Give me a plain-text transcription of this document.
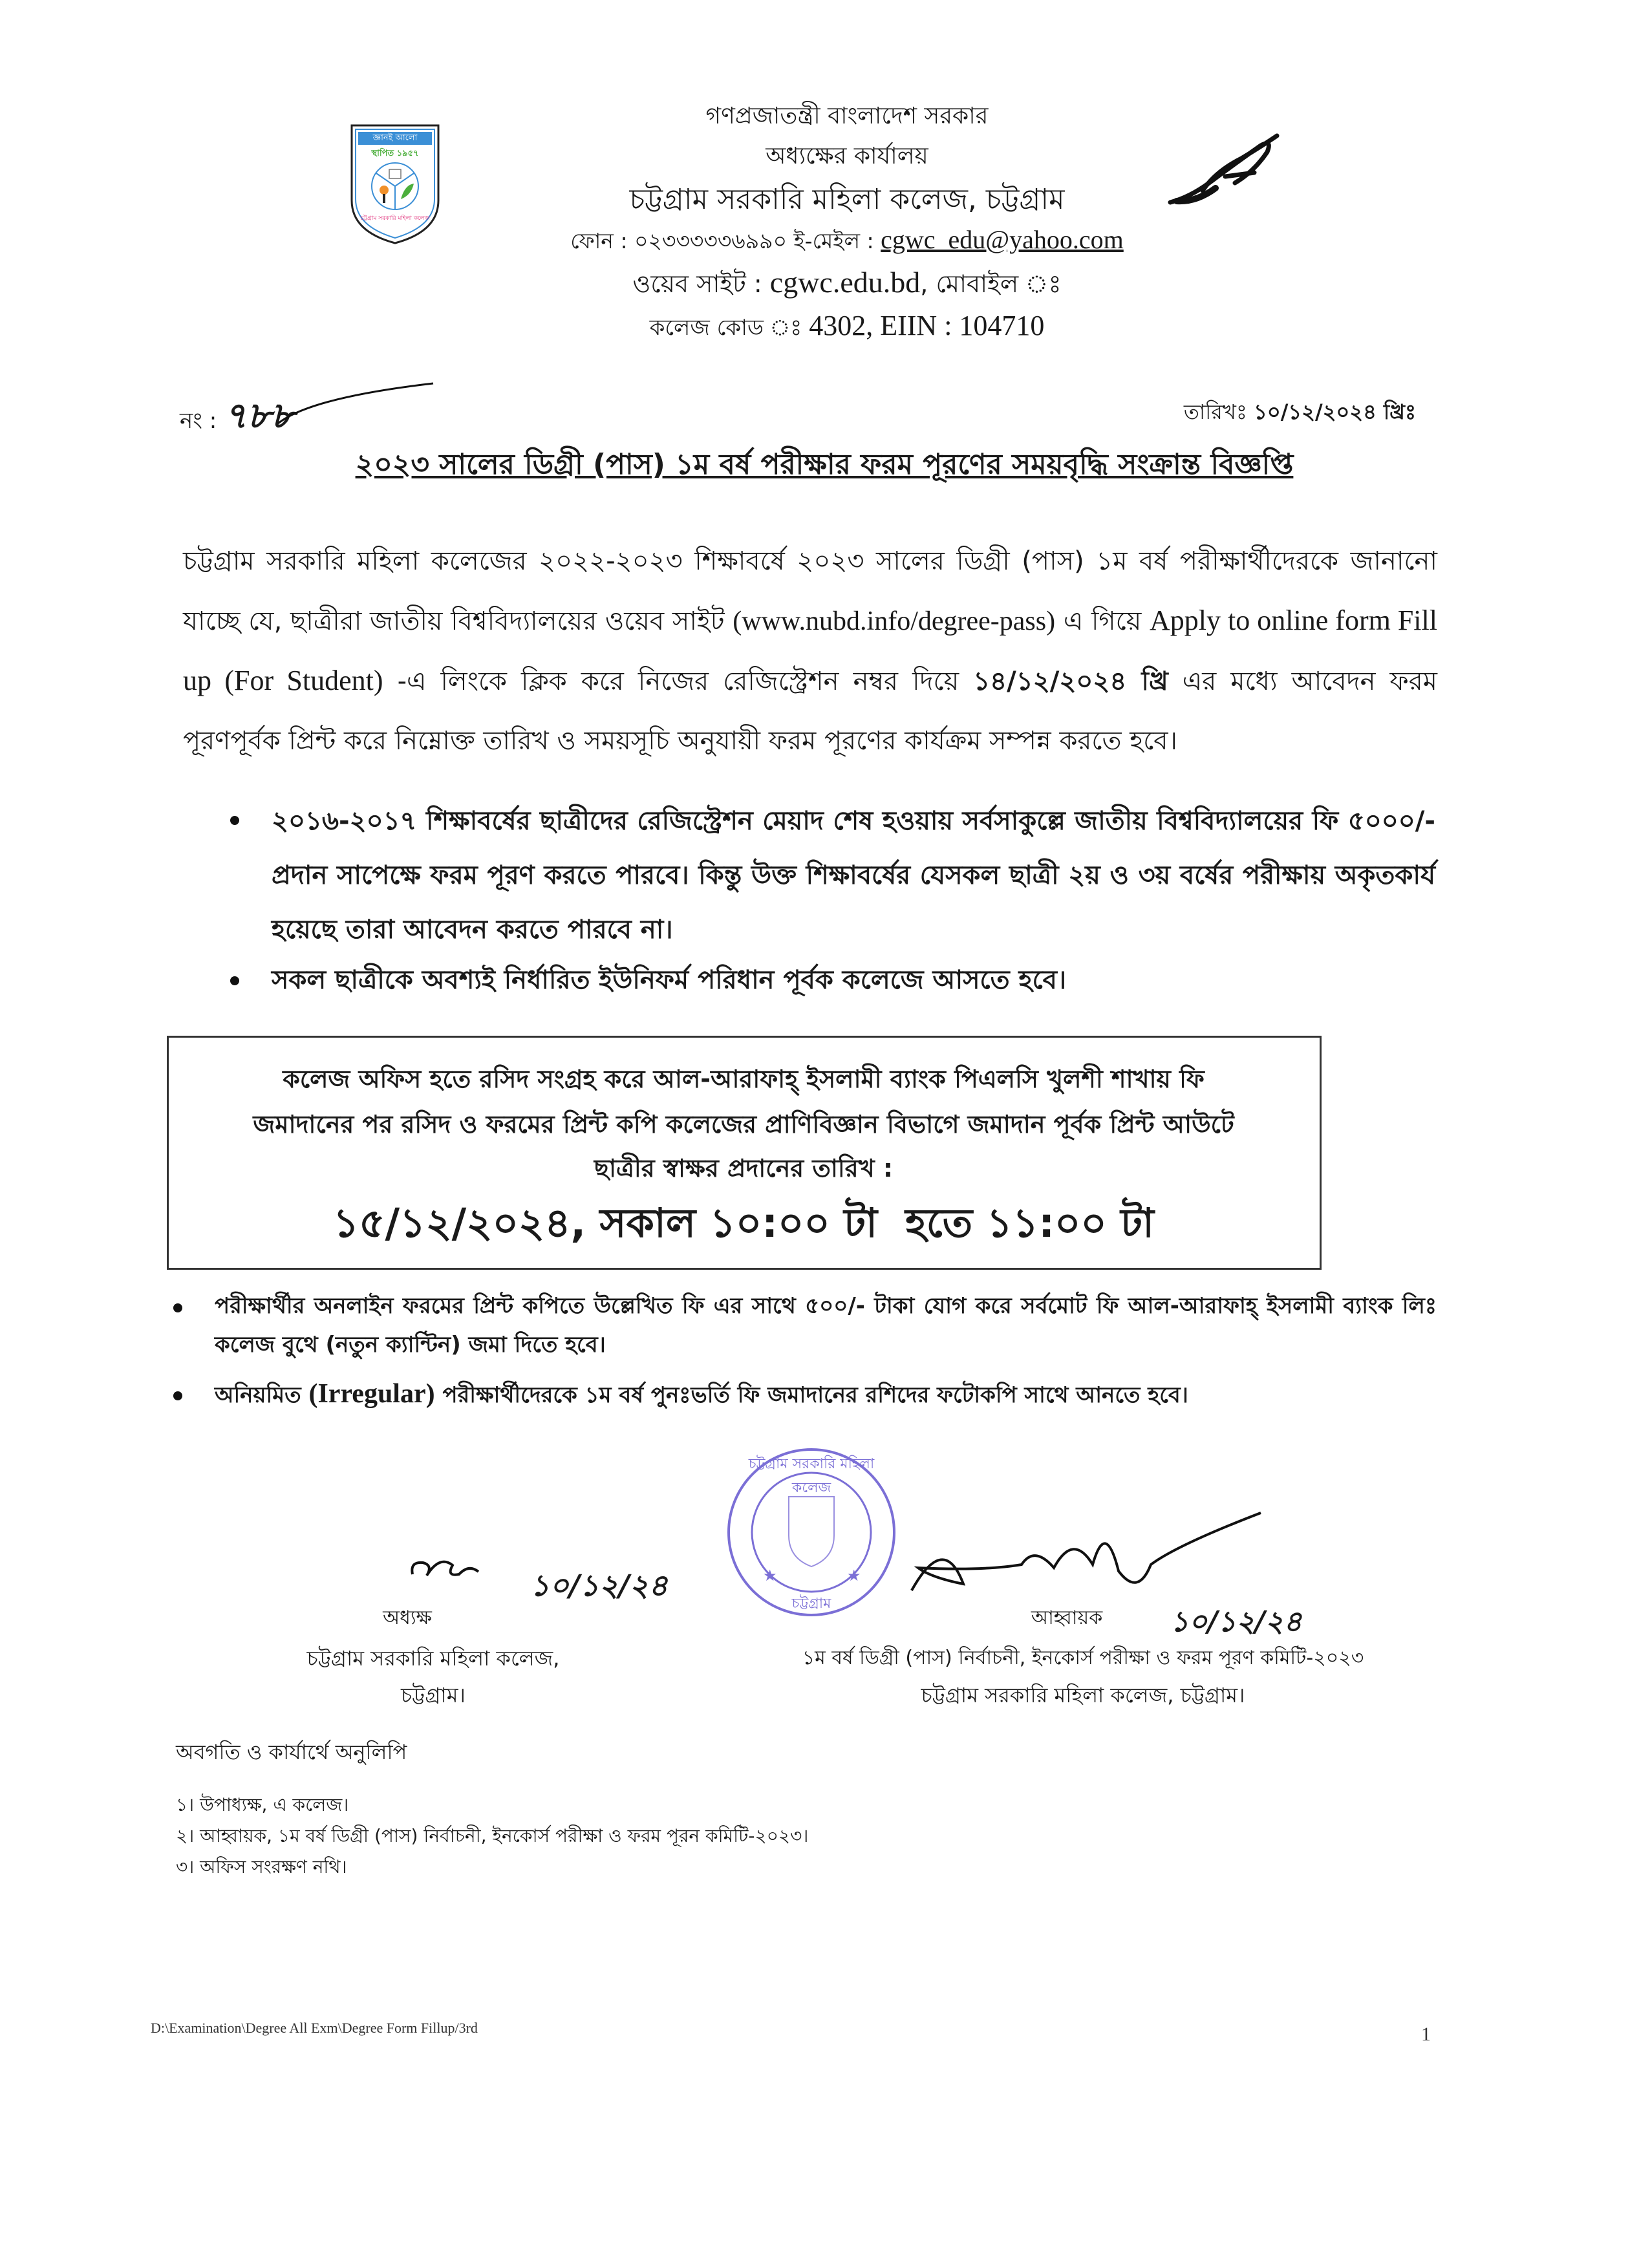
জ্ঞানই আলো
স্থাপিত ১৯৫৭
চট্টগ্রাম সরকারি মহিলা কলেজ
গণপ্রজাতন্ত্রী বাংলাদেশ সরকার
অধ্যক্ষের কার্যালয়
চট্টগ্রাম সরকারি মহিলা কলেজ, চট্টগ্রাম
ফোন : ০২৩৩৩৩৩৬৯৯০ ই-মেইল : cgwc_edu@yahoo.com
ওয়েব সাইট : cgwc.edu.bd, মোবাইল ঃ
কলেজ কোড ঃ 4302, EIIN : 104710
নং : ৭৮৮	তারিখঃ ১০/১২/২০২৪ খ্রিঃ
২০২৩ সালের ডিগ্রী (পাস) ১ম বর্ষ পরীক্ষার ফরম পূরণের সময়বৃদ্ধি সংক্রান্ত বিজ্ঞপ্তি
চট্টগ্রাম সরকারি মহিলা কলেজের ২০২২-২০২৩ শিক্ষাবর্ষে ২০২৩ সালের ডিগ্রী (পাস) ১ম বর্ষ পরীক্ষার্থীদেরকে জানানো যাচ্ছে যে, ছাত্রীরা জাতীয় বিশ্ববিদ্যালয়ের ওয়েব সাইট (www.nubd.info/degree-pass) এ গিয়ে Apply to online form Fill up (For Student) -এ লিংকে ক্লিক করে নিজের রেজিস্ট্রেশন নম্বর দিয়ে ১৪/১২/২০২৪ খ্রি এর মধ্যে আবেদন ফরম পূরণপূর্বক প্রিন্ট করে নিম্নোক্ত তারিখ ও সময়সূচি অনুযায়ী ফরম পূরণের কার্যক্রম সম্পন্ন করতে হবে।
২০১৬-২০১৭ শিক্ষাবর্ষের ছাত্রীদের রেজিস্ট্রেশন মেয়াদ শেষ হওয়ায় সর্বসাকুল্লে জাতীয় বিশ্ববিদ্যালয়ের ফি ৫০০০/- প্রদান সাপেক্ষে ফরম পূরণ করতে পারবে। কিন্তু উক্ত শিক্ষাবর্ষের যেসকল ছাত্রী ২য় ও ৩য় বর্ষের পরীক্ষায় অকৃতকার্য হয়েছে তারা আবেদন করতে পারবে না।
সকল ছাত্রীকে অবশ্যই নির্ধারিত ইউনিফর্ম পরিধান পূর্বক কলেজে আসতে হবে।
কলেজ অফিস হতে রসিদ সংগ্রহ করে আল-আরাফাহ্ ইসলামী ব্যাংক পিএলসি খুলশী শাখায় ফি
জমাদানের পর রসিদ ও ফরমের প্রিন্ট কপি কলেজের প্রাণিবিজ্ঞান বিভাগে জমাদান পূর্বক প্রিন্ট আউটে
ছাত্রীর স্বাক্ষর প্রদানের তারিখ :
১৫/১২/২০২৪, সকাল ১০:০০ টা  হতে ১১:০০ টা
পরীক্ষার্থীর অনলাইন ফরমের প্রিন্ট কপিতে উল্লেখিত ফি এর সাথে ৫০০/- টাকা যোগ করে সর্বমোট ফি আল-আরাফাহ্ ইসলামী ব্যাংক লিঃ কলেজ বুথে (নতুন ক্যান্টিন) জমা দিতে হবে।
অনিয়মিত (Irregular) পরীক্ষার্থীদেরকে ১ম বর্ষ পুনঃভর্তি ফি জমাদানের রশিদের ফটোকপি সাথে আনতে হবে।
★	★
চট্টগ্রাম সরকারি মহিলা কলেজ
চট্টগ্রাম
১০/১২/২৪
১০/১২/২৪
অধ্যক্ষ
চট্টগ্রাম সরকারি মহিলা কলেজ,
চট্টগ্রাম।
আহ্বায়ক
১ম বর্ষ ডিগ্রী (পাস) নির্বাচনী, ইনকোর্স পরীক্ষা ও ফরম পূরণ কমিটি-২০২৩
চট্টগ্রাম সরকারি মহিলা কলেজ, চট্টগ্রাম।
অবগতি ও কার্যার্থে অনুলিপি
১। উপাধ্যক্ষ, এ কলেজ।
২। আহ্বায়ক, ১ম বর্ষ ডিগ্রী (পাস) নির্বাচনী, ইনকোর্স পরীক্ষা ও ফরম পূরন কমিটি-২০২৩।
৩। অফিস সংরক্ষণ নথি।
D:\Examination\Degree All Exm\Degree Form Fillup/3rd	1
